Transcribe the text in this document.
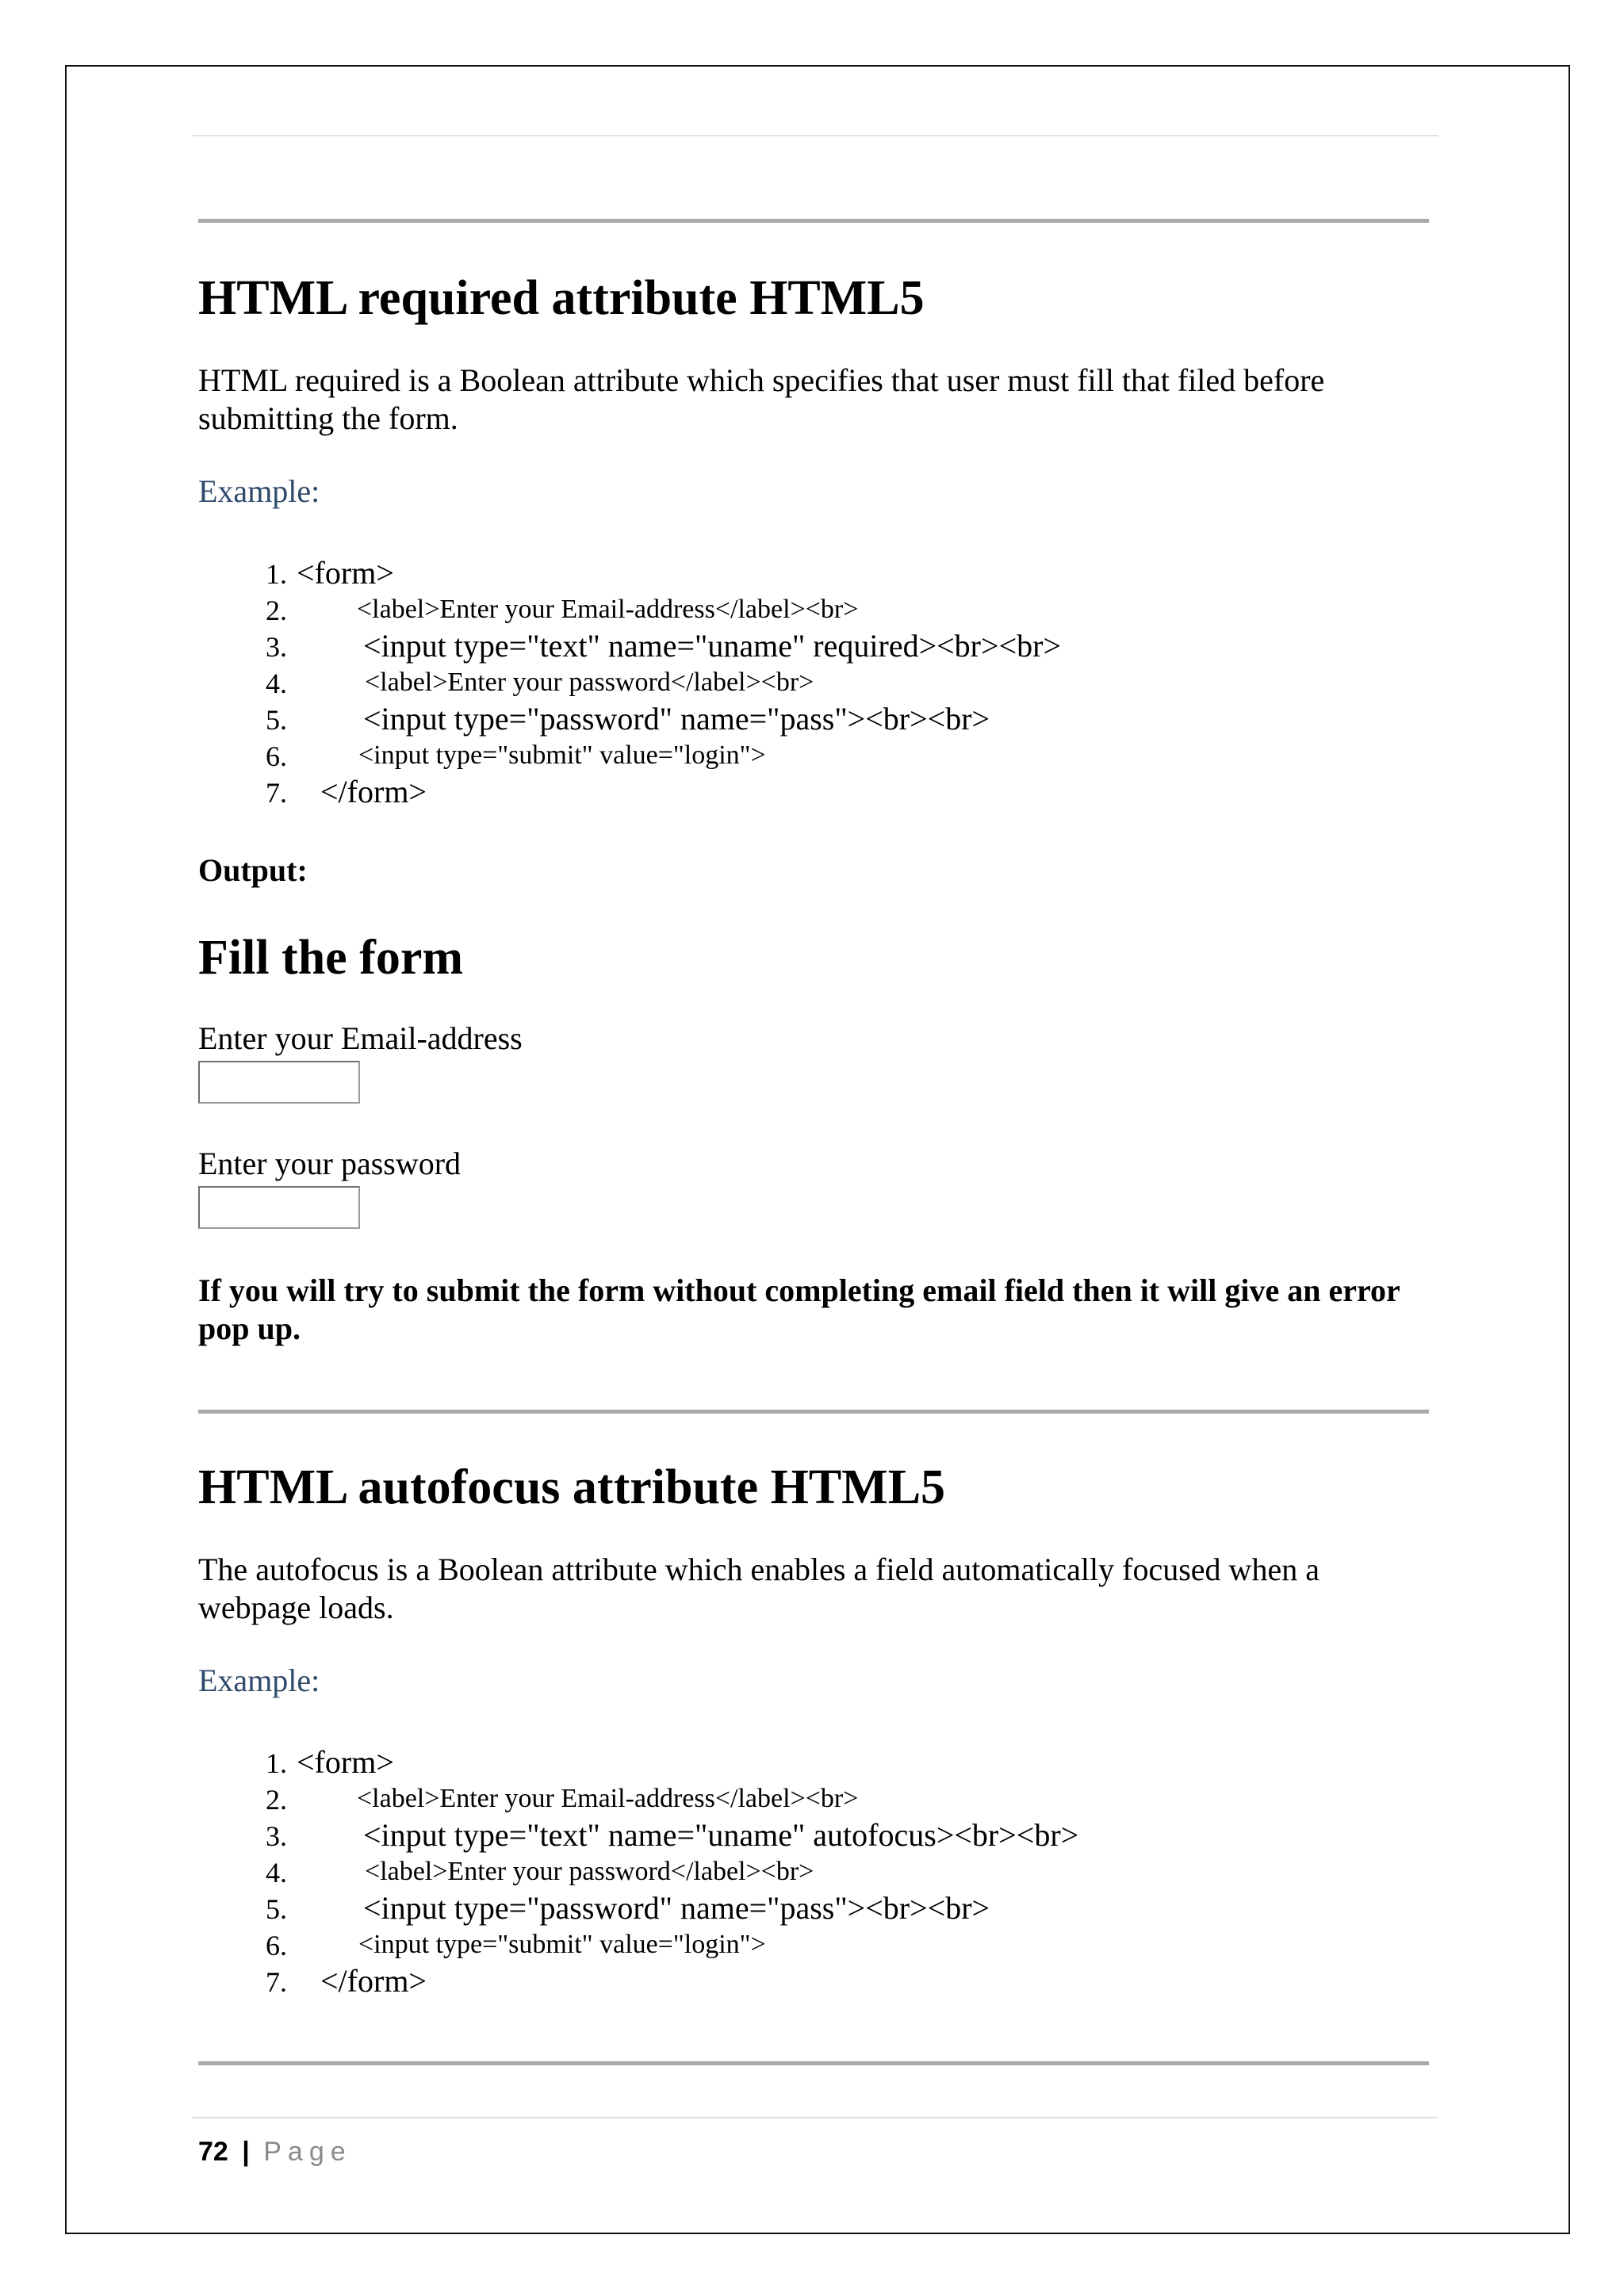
HTML required attribute HTML5
HTML required is a Boolean attribute which specifies that user must fill that filed before submitting the form.
Example:
1. <form>
2.	<label>Enter your Email-address</label><br>
3. <input type="text" name="uname" required><br><br>
4.	<label>Enter your password</label><br>
5. <input type="password" name="pass"><br><br>
6.	<input type="submit" value="login">
7. </form>
Output:
Fill the form
Enter your Email-address
Enter your password
If you will try to submit the form without completing email field then it will give an error pop up.
HTML autofocus attribute HTML5
The autofocus is a Boolean attribute which enables a field automatically focused when a webpage loads.
Example:
1. <form>
2.	<label>Enter your Email-address</label><br>
3. <input type="text" name="uname" autofocus><br><br>
4.	<label>Enter your password</label><br>
5. <input type="password" name="pass"><br><br>
6.	<input type="submit" value="login">
7. </form>
72 | Page
